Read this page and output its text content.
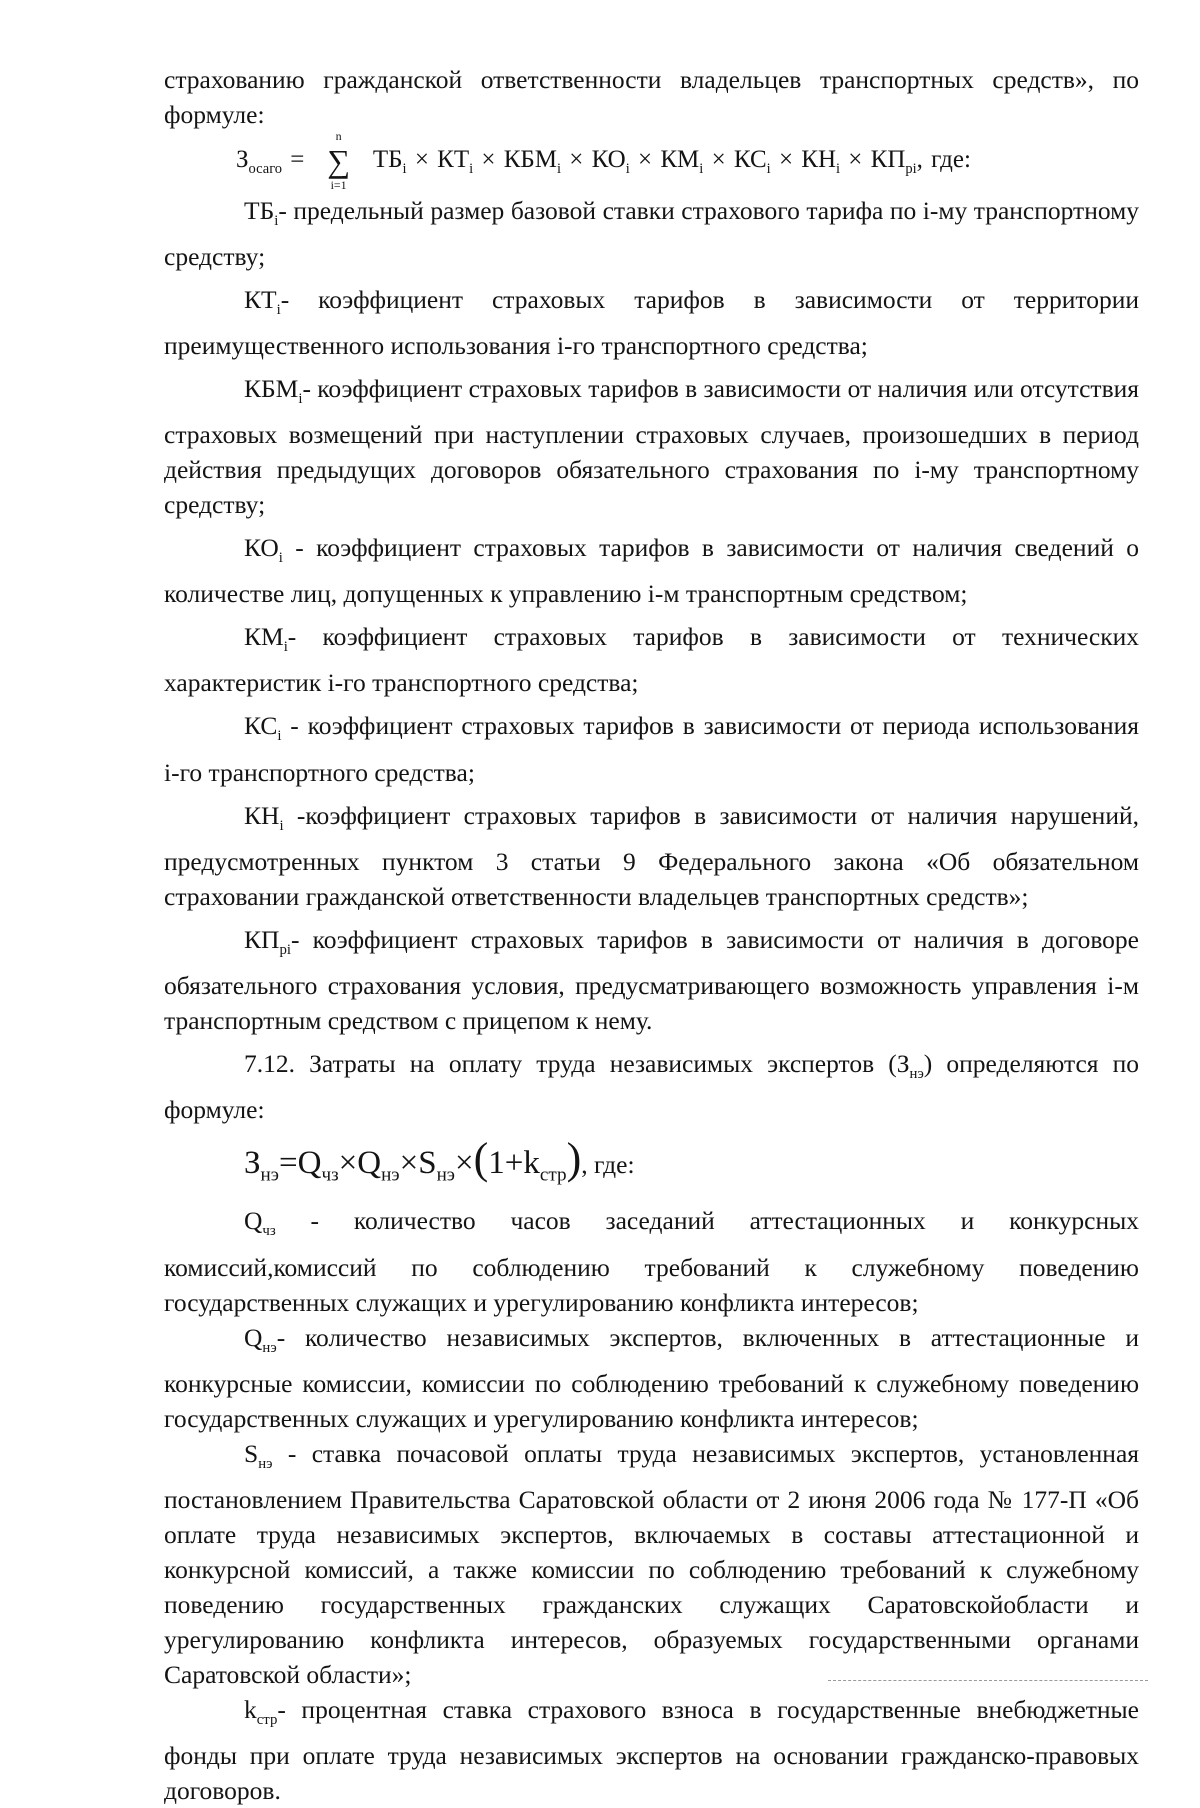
страхованию гражданской ответственности владельцев транспортных средств», по формуле:

$З_{осаго}$ =
n
∑
i=1
$ТБ_i \times КТ_i \times КБМ_i \times КО_i \times КМ_i \times КС_i \times КН_i \times КП_{pi}$, где:

$ТБ_i-$ предельный размер базовой ставки страхового тарифа по i-му транспортному средству;

$КТ_i-$ коэффициент страховых тарифов в зависимости от территории преимущественного использования i-го транспортного средства;

$КБМ_i-$ коэффициент страховых тарифов в зависимости от наличия или отсутствия страховых возмещений при наступлении страховых случаев, произошедших в период действия предыдущих договоров обязательного страхования по i-му транспортному средству;

$КО_i$ - коэффициент страховых тарифов в зависимости от наличия сведений о количестве лиц, допущенных к управлению i-м транспортным средством;

$КМ_i-$ коэффициент страховых тарифов в зависимости от технических характеристик i-го транспортного средства;

$КС_i$ - коэффициент страховых тарифов в зависимости от периода использования i-го транспортного средства;

$КН_i$ -коэффициент страховых тарифов в зависимости от наличия нарушений, предусмотренных пунктом 3 статьи 9 Федерального закона «Об обязательном страховании гражданской ответственности владельцев транспортных средств»;

$КП_{pi}-$ коэффициент страховых тарифов в зависимости от наличия в договоре обязательного страхования условия, предусматривающего возможность управления i-м транспортным средством с прицепом к нему.

7.12. Затраты на оплату труда независимых экспертов $(З_{нэ})$ определяются по формуле:

$З_{нэ}=Q_{чз}\times Q_{нэ}\times S_{нэ}\times(1+k_{стр})$, где:

$Q_{чз}$ - количество часов заседаний аттестационных и конкурсных комиссий,комиссий по соблюдению требований к служебному поведению государственных служащих и урегулированию конфликта интересов;

$Q_{нэ}-$ количество независимых экспертов, включенных в аттестационные и конкурсные комиссии, комиссии по соблюдению требований к служебному поведению государственных служащих и урегулированию конфликта интересов;

$S_{нэ}$ - ставка почасовой оплаты труда независимых экспертов, установленная постановлением Правительства Саратовской области от 2 июня 2006 года № 177-П «Об оплате труда независимых экспертов, включаемых в составы аттестационной и конкурсной комиссий, а также комиссии по соблюдению требований к служебному поведению государственных гражданских служащих Саратовскойобласти и урегулированию конфликта интересов, образуемых государственными органами Саратовской области»;

$k_{стр}-$ процентная ставка страхового взноса в государственные внебюджетные фонды при оплате труда независимых экспертов на основании гражданско-правовых договоров.
